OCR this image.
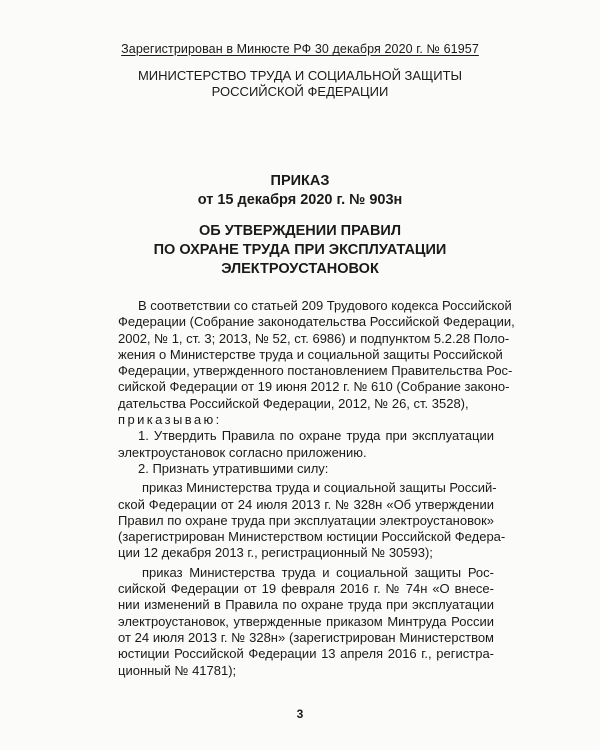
Зарегистрирован в Минюсте РФ 30 декабря 2020 г. № 61957
МИНИСТЕРСТВО ТРУДА И СОЦИАЛЬНОЙ ЗАЩИТЫ
РОССИЙСКОЙ ФЕДЕРАЦИИ
ПРИКАЗ
от 15 декабря 2020 г. № 903н
ОБ УТВЕРЖДЕНИИ ПРАВИЛ
ПО ОХРАНЕ ТРУДА ПРИ ЭКСПЛУАТАЦИИ
ЭЛЕКТРОУСТАНОВОК
В соответствии со статьей 209 Трудового кодекса Российской
Федерации (Собрание законодательства Российской Федерации,
2002, № 1, ст. 3; 2013, № 52, ст. 6986) и подпунктом 5.2.28 Поло-
жения о Министерстве труда и социальной защиты Российской
Федерации, утвержденного постановлением Правительства Рос-
сийской Федерации от 19 июня 2012 г. № 610 (Собрание законо-
дательства Российской Федерации, 2012, № 26, ст. 3528),
приказываю:
1. Утвердить Правила по охране труда при эксплуатации
электроустановок согласно приложению.
2. Признать утратившими силу:
приказ Министерства труда и социальной защиты Россий-
ской Федерации от 24 июля 2013 г. № 328н «Об утверждении
Правил по охране труда при эксплуатации электроустановок»
(зарегистрирован Министерством юстиции Российской Федера-
ции 12 декабря 2013 г., регистрационный № 30593);
приказ Министерства труда и социальной защиты Рос-
сийской Федерации от 19 февраля 2016 г. № 74н «О внесе-
нии изменений в Правила по охране труда при эксплуатации
электроустановок, утвержденные приказом Минтруда России
от 24 июля 2013 г. № 328н» (зарегистрирован Министерством
юстиции Российской Федерации 13 апреля 2016 г., регистра-
ционный № 41781);
3
